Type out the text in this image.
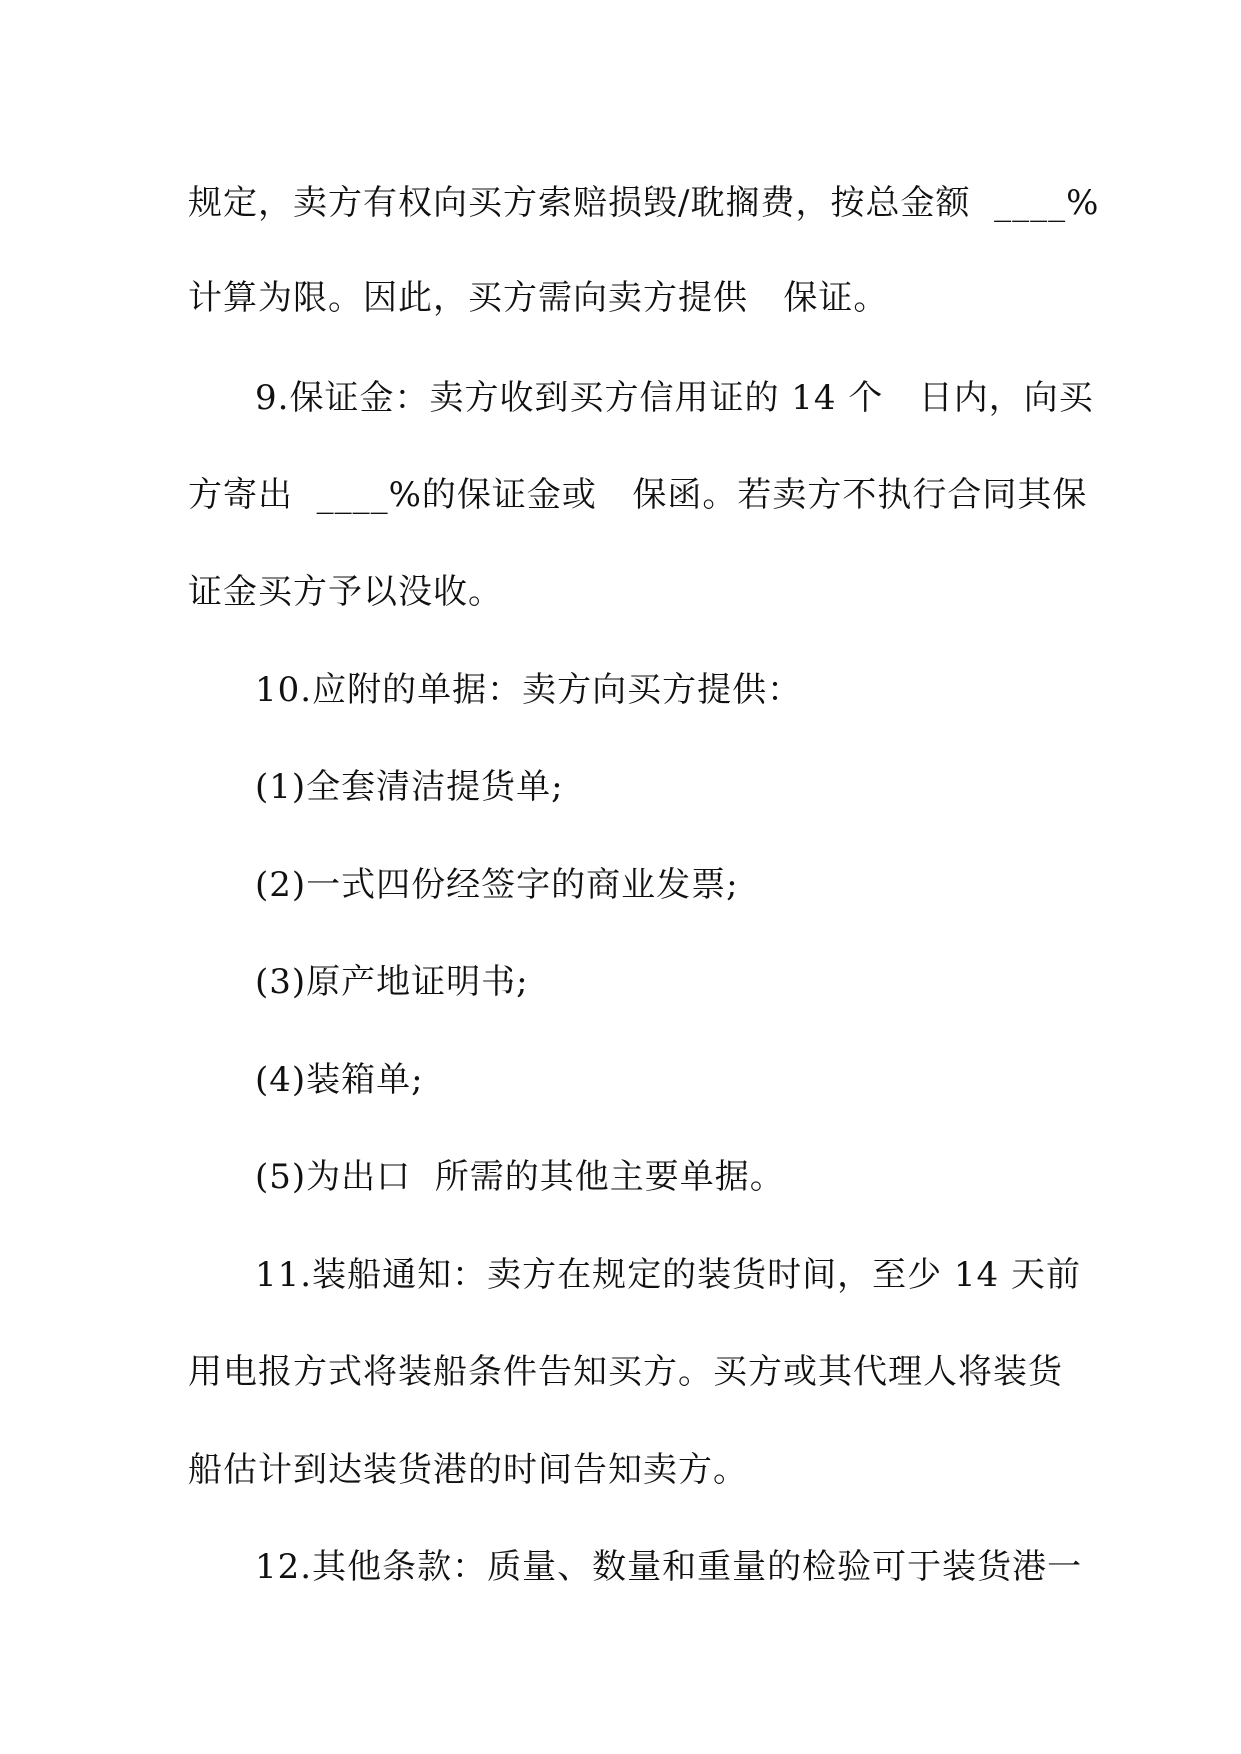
规定，卖方有权向买方索赔损毁/耽搁费，按总金额  ____%
计算为限。因此，买方需向卖方提供   保证。
9.保证金：卖方收到买方信用证的 14 个   日内，向买
方寄出  ____%的保证金或   保函。若卖方不执行合同其保
证金买方予以没收。
10.应附的单据：卖方向买方提供：
(1)全套清洁提货单;
(2)一式四份经签字的商业发票;
(3)原产地证明书;
(4)装箱单;
(5)为出口  所需的其他主要单据。
11.装船通知：卖方在规定的装货时间，至少 14 天前
用电报方式将装船条件告知买方。买方或其代理人将装货
船估计到达装货港的时间告知卖方。
12.其他条款：质量、数量和重量的检验可于装货港一
